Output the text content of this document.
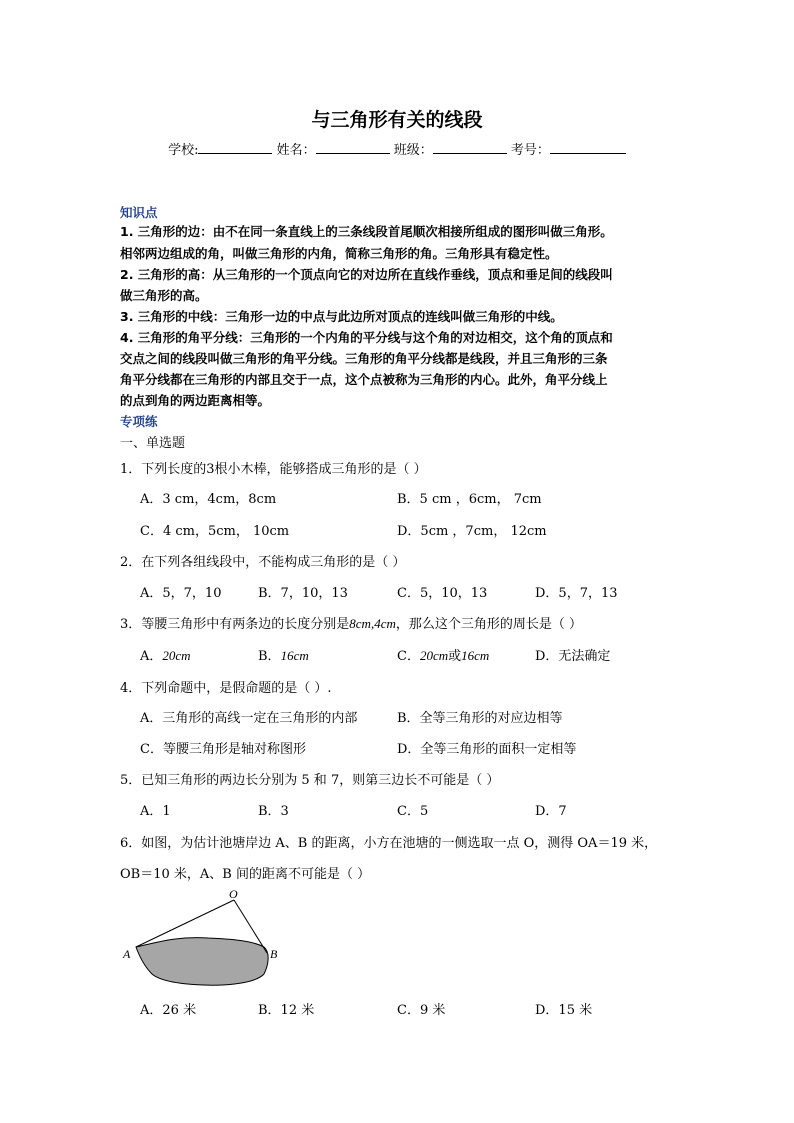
与三角形有关的线段
学校:	姓名：	班级：	考号：
知识点
1. 三角形的边：由不在同一条直线上的三条线段首尾顺次相接所组成的图形叫做三角形。
相邻两边组成的角，叫做三角形的内角，简称三角形的角。三角形具有稳定性。
2. 三角形的高：从三角形的一个顶点向它的对边所在直线作垂线，顶点和垂足间的线段叫
做三角形的高。
3. 三角形的中线：三角形一边的中点与此边所对顶点的连线叫做三角形的中线。
4. 三角形的角平分线：三角形的一个内角的平分线与这个角的对边相交，这个角的顶点和
交点之间的线段叫做三角形的角平分线。三角形的角平分线都是线段，并且三角形的三条
角平分线都在三角形的内部且交于一点，这个点被称为三角形的内心。此外，角平分线上
的点到角的两边距离相等。
专项练
一、单选题
1．下列长度的3根小木棒，能够搭成三角形的是（ ）
A．3 cm，4cm，8cm	B．5 cm ，6cm， 7cm
C．4 cm，5cm， 10cm	D．5cm ，7cm， 12cm
2．在下列各组线段中，不能构成三角形的是（ ）
A．5，7，10	B．7，10，13	C．5，10，13	D．5，7，13
3．等腰三角形中有两条边的长度分别是8cm,4cm，那么这个三角形的周长是（ ）
A．20cm	B．16cm	C．20cm或16cm	D．无法确定
4．下列命题中，是假命题的是（ ）.
A．三角形的高线一定在三角形的内部	B．全等三角形的对应边相等
C．等腰三角形是轴对称图形	D．全等三角形的面积一定相等
5．已知三角形的两边长分别为 5 和 7，则第三边长不可能是（ ）
A．1	B．3	C．5	D．7
6．如图，为估计池塘岸边 A、B 的距离，小方在池塘的一侧选取一点 O，测得 OA＝19 米，
OB＝10 米，A、B 间的距离不可能是（ ）
O
A	B
A．26 米	B．12 米	C．9 米	D．15 米
